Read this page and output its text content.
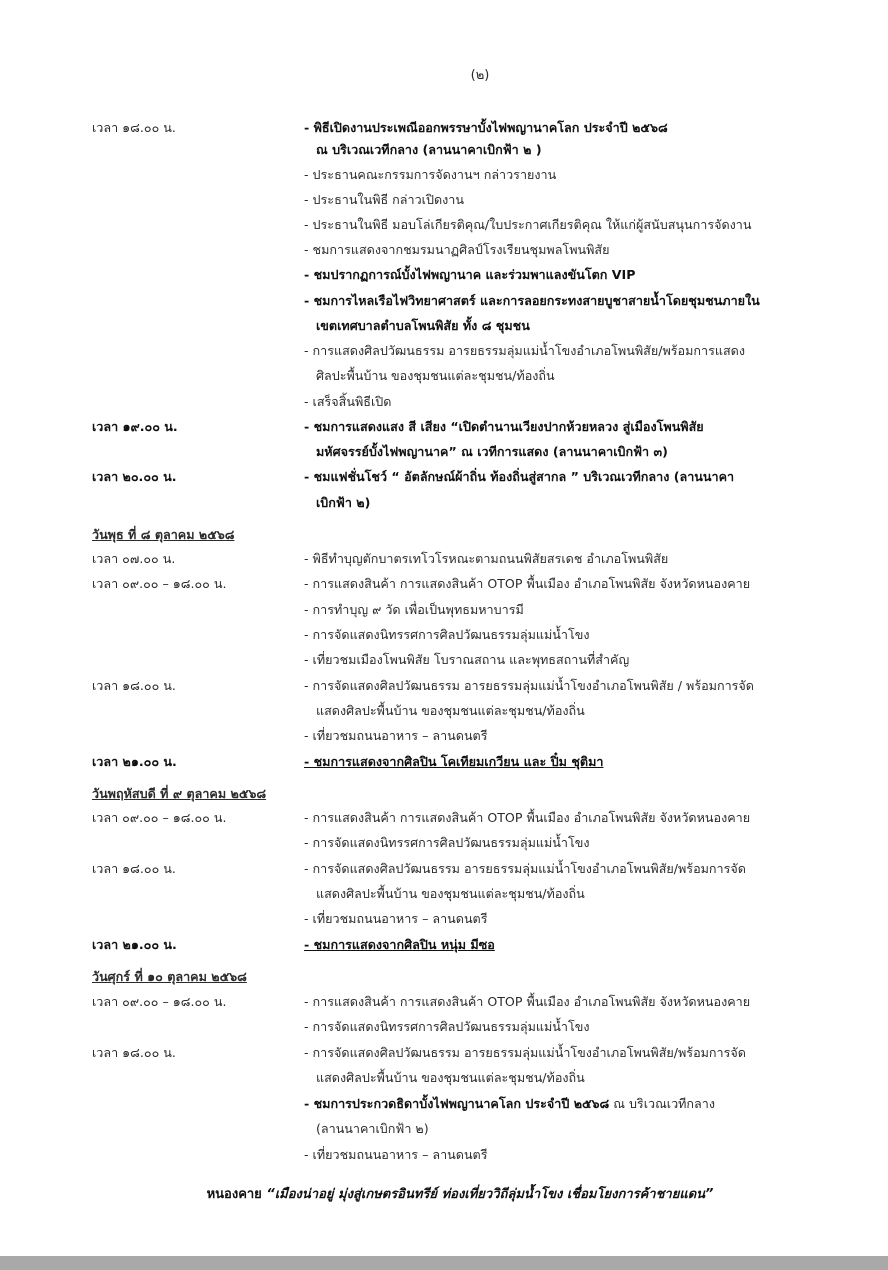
(๒)
เวลา ๑๘.๐๐ น.	- พิธีเปิดงานประเพณีออกพรรษาบั้งไฟพญานาคโลก ประจำปี ๒๕๖๘
ณ บริเวณเวทีกลาง (ลานนาคาเบิกฟ้า ๒ )
- ประธานคณะกรรมการจัดงานฯ กล่าวรายงาน
- ประธานในพิธี กล่าวเปิดงาน
- ประธานในพิธี มอบโล่เกียรติคุณ/ใบประกาศเกียรติคุณ ให้แก่ผู้สนับสนุนการจัดงาน
- ชมการแสดงจากชมรมนาฏศิลป์โรงเรียนชุมพลโพนพิสัย
- ชมปรากฏการณ์บั้งไฟพญานาค และร่วมพาแลงขันโตก VIP
- ชมการไหลเรือไฟวิทยาศาสตร์ และการลอยกระทงสายบูชาสายน้ำโดยชุมชนภายใน
เขตเทศบาลตำบลโพนพิสัย ทั้ง ๘ ชุมชน
- การแสดงศิลปวัฒนธรรม อารยธรรมลุ่มแม่น้ำโขงอำเภอโพนพิสัย/พร้อมการแสดง
ศิลปะพื้นบ้าน ของชุมชนแต่ละชุมชน/ท้องถิ่น
- เสร็จสิ้นพิธีเปิด
เวลา ๑๙.๐๐ น.	- ชมการแสดงแสง สี เสียง “เปิดตำนานเวียงปากห้วยหลวง สู่เมืองโพนพิสัย
มหัศจรรย์บั้งไฟพญานาค” ณ เวทีการแสดง (ลานนาคาเบิกฟ้า ๓)
เวลา ๒๐.๐๐ น.	- ชมแฟชั่นโชว์ “ อัตลักษณ์ผ้าถิ่น ท้องถิ่นสู่สากล ” บริเวณเวทีกลาง (ลานนาคา
เบิกฟ้า ๒)
วันพุธ ที่ ๘ ตุลาคม ๒๕๖๘
เวลา ๐๗.๐๐ น.	- พิธีทำบุญตักบาตรเทโวโรหณะตามถนนพิสัยสรเดช อำเภอโพนพิสัย
เวลา ๐๙.๐๐ – ๑๘.๐๐ น.	- การแสดงสินค้า การแสดงสินค้า OTOP พื้นเมือง อำเภอโพนพิสัย จังหวัดหนองคาย
- การทำบุญ ๙ วัด เพื่อเป็นพุทธมหาบารมี
- การจัดแสดงนิทรรศการศิลปวัฒนธรรมลุ่มแม่น้ำโขง
- เที่ยวชมเมืองโพนพิสัย โบราณสถาน และพุทธสถานที่สำคัญ
เวลา ๑๘.๐๐ น.	- การจัดแสดงศิลปวัฒนธรรม อารยธรรมลุ่มแม่น้ำโขงอำเภอโพนพิสัย / พร้อมการจัด
แสดงศิลปะพื้นบ้าน ของชุมชนแต่ละชุมชน/ท้องถิ่น
- เที่ยวชมถนนอาหาร – ลานดนตรี
เวลา ๒๑.๐๐ น.	- ชมการแสดงจากศิลปิน โคเทียมเกวียน และ ปิ๋ม ชุติมา
วันพฤหัสบดี ที่ ๙ ตุลาคม ๒๕๖๘
เวลา ๐๙.๐๐ – ๑๘.๐๐ น.	- การแสดงสินค้า การแสดงสินค้า OTOP พื้นเมือง อำเภอโพนพิสัย จังหวัดหนองคาย
- การจัดแสดงนิทรรศการศิลปวัฒนธรรมลุ่มแม่น้ำโขง
เวลา ๑๘.๐๐ น.	- การจัดแสดงศิลปวัฒนธรรม อารยธรรมลุ่มแม่น้ำโขงอำเภอโพนพิสัย/พร้อมการจัด
แสดงศิลปะพื้นบ้าน ของชุมชนแต่ละชุมชน/ท้องถิ่น
- เที่ยวชมถนนอาหาร – ลานดนตรี
เวลา ๒๑.๐๐ น.	- ชมการแสดงจากศิลปิน หนุ่ม มีซอ
วันศุกร์ ที่ ๑๐ ตุลาคม ๒๕๖๘
เวลา ๐๙.๐๐ – ๑๘.๐๐ น.	- การแสดงสินค้า การแสดงสินค้า OTOP พื้นเมือง อำเภอโพนพิสัย จังหวัดหนองคาย
- การจัดแสดงนิทรรศการศิลปวัฒนธรรมลุ่มแม่น้ำโขง
เวลา ๑๘.๐๐ น.	- การจัดแสดงศิลปวัฒนธรรม อารยธรรมลุ่มแม่น้ำโขงอำเภอโพนพิสัย/พร้อมการจัด
แสดงศิลปะพื้นบ้าน ของชุมชนแต่ละชุมชน/ท้องถิ่น
- ชมการประกวดธิดาบั้งไฟพญานาคโลก ประจำปี ๒๕๖๘ ณ บริเวณเวทีกลาง
(ลานนาคาเบิกฟ้า ๒)
- เที่ยวชมถนนอาหาร – ลานดนตรี
หนองคาย “เมืองน่าอยู่ มุ่งสู่เกษตรอินทรีย์ ท่องเที่ยววิถีลุ่มน้ำโขง เชื่อมโยงการค้าชายแดน”
